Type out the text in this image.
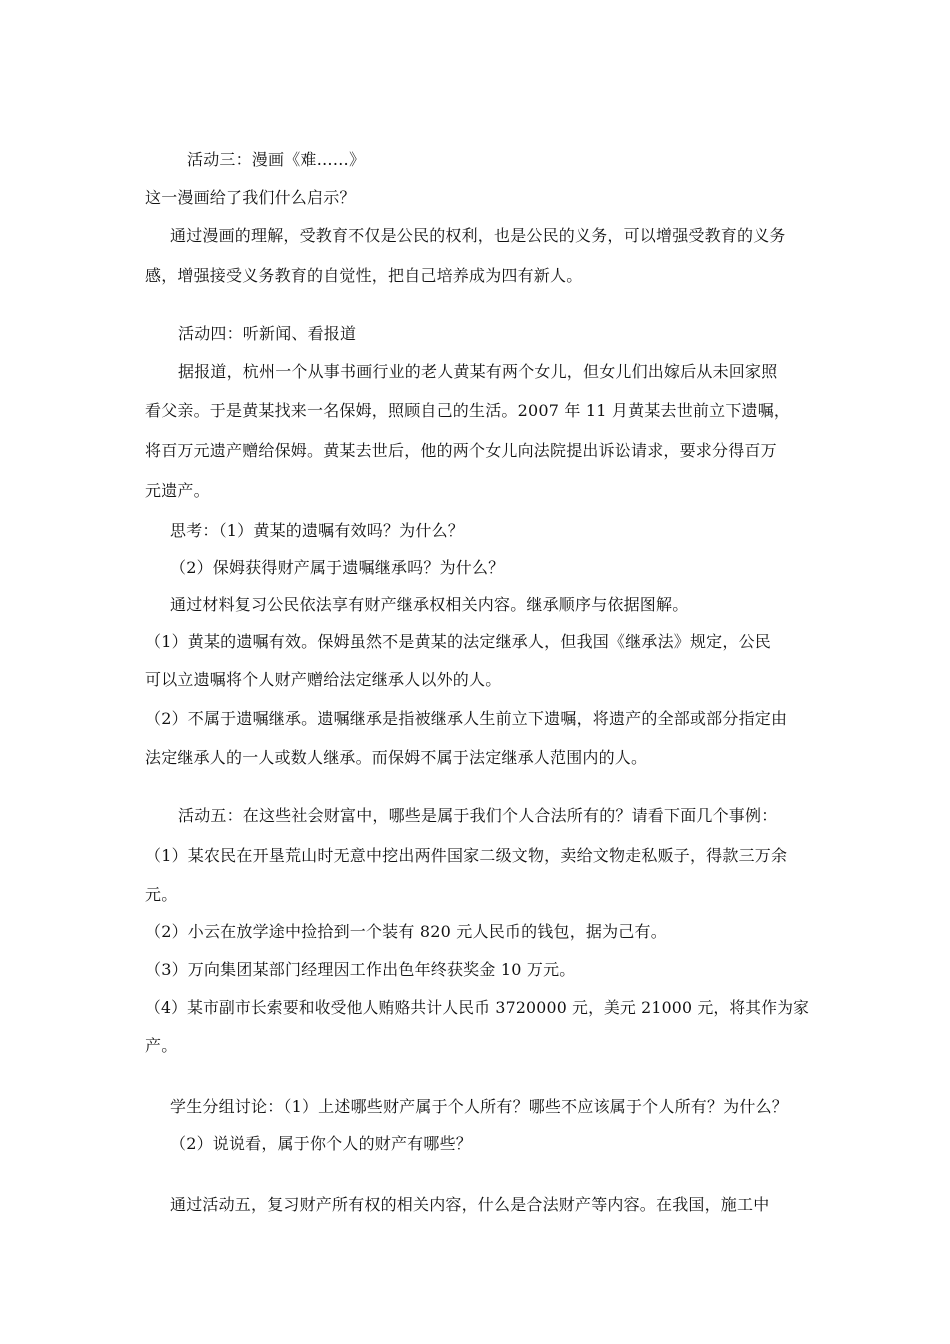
活动三：漫画《难……》
这一漫画给了我们什么启示？
通过漫画的理解，受教育不仅是公民的权利，也是公民的义务，可以增强受教育的义务
感，增强接受义务教育的自觉性，把自己培养成为四有新人。
活动四：听新闻、看报道
据报道，杭州一个从事书画行业的老人黄某有两个女儿，但女儿们出嫁后从未回家照
看父亲。于是黄某找来一名保姆，照顾自己的生活。2007 年 11 月黄某去世前立下遗嘱，
将百万元遗产赠给保姆。黄某去世后，他的两个女儿向法院提出诉讼请求，要求分得百万
元遗产。
思考：（1）黄某的遗嘱有效吗？为什么？
（2）保姆获得财产属于遗嘱继承吗？为什么？
通过材料复习公民依法享有财产继承权相关内容。继承顺序与依据图解。
（1）黄某的遗嘱有效。保姆虽然不是黄某的法定继承人，但我国《继承法》规定，公民
可以立遗嘱将个人财产赠给法定继承人以外的人。
（2）不属于遗嘱继承。遗嘱继承是指被继承人生前立下遗嘱，将遗产的全部或部分指定由
法定继承人的一人或数人继承。而保姆不属于法定继承人范围内的人。
活动五：在这些社会财富中，哪些是属于我们个人合法所有的？请看下面几个事例：
（1）某农民在开垦荒山时无意中挖出两件国家二级文物，卖给文物走私贩子，得款三万余
元。
（2）小云在放学途中捡拾到一个装有 820 元人民币的钱包，据为己有。
（3）万向集团某部门经理因工作出色年终获奖金 10 万元。
（4）某市副市长索要和收受他人贿赂共计人民币 3720000 元，美元 21000 元，将其作为家
产。
学生分组讨论：（1）上述哪些财产属于个人所有？哪些不应该属于个人所有？为什么？
（2）说说看，属于你个人的财产有哪些？
通过活动五，复习财产所有权的相关内容，什么是合法财产等内容。在我国，施工中
